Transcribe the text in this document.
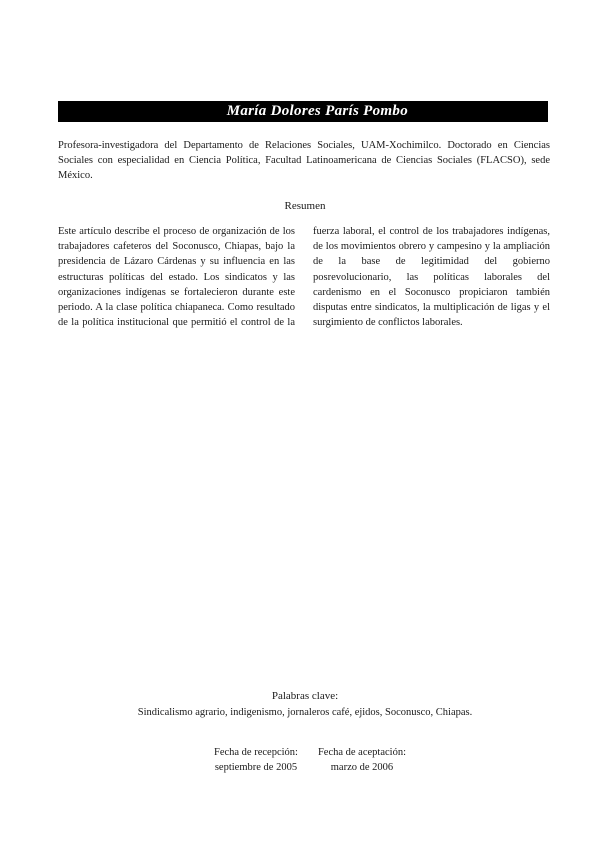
María Dolores París Pombo
Profesora-investigadora del Departamento de Relaciones Sociales, UAM-Xochimilco. Doctorado en Ciencias Sociales con especialidad en Ciencia Política, Facultad Latinoamericana de Ciencias Sociales (FLACSO), sede México.
Resumen
Este artículo describe el proceso de organización de los trabajadores cafeteros del Soconusco, Chiapas, bajo la presidencia de Lázaro Cárdenas y su influencia en las estructuras políticas del estado. Los sindicatos y las organizaciones indígenas se fortalecieron durante este periodo. A la clase política chiapaneca. Como resultado de la política institucional que permitió el control de la fuerza laboral, el control de los trabajadores indígenas, de los movimientos obrero y campesino y la ampliación de la base de legitimidad del gobierno posrevolucionario, las políticas laborales del cardenismo en el Soconusco propiciaron también disputas entre sindicatos, la multiplicación de ligas y el surgimiento de conflictos laborales.
Palabras clave:
Sindicalismo agrario, indigenismo, jornaleros café, ejidos, Soconusco, Chiapas.
Fecha de recepción:
septiembre de 2005
Fecha de aceptación:
marzo de 2006
